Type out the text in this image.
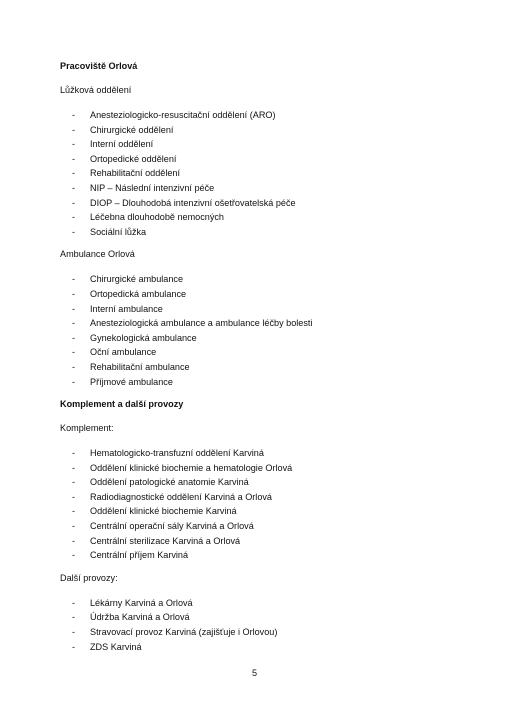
Pracoviště Orlová

Lůžková oddělení

- Anesteziologicko-resuscitační oddělení (ARO)
- Chirurgické oddělení
- Interní oddělení
- Ortopedické oddělení
- Rehabilitační oddělení
- NIP – Následní intenzivní péče
- DIOP – Dlouhodobá intenzivní ošetřovatelská péče
- Léčebna dlouhodobě nemocných
- Sociální lůžka

Ambulance Orlová

- Chirurgické ambulance
- Ortopedická ambulance
- Interní ambulance
- Anesteziologická ambulance a ambulance léčby bolesti
- Gynekologická ambulance
- Oční ambulance
- Rehabilitační ambulance
- Příjmové ambulance

Komplement a další provozy

Komplement:

- Hematologicko-transfuzní oddělení Karviná
- Oddělení klinické biochemie a hematologie Orlová
- Oddělení patologické anatomie Karviná
- Radiodiagnostické oddělení Karviná a Orlová
- Oddělení klinické biochemie Karviná
- Centrální operační sály Karviná a Orlová
- Centrální sterilizace Karviná a Orlová
- Centrální příjem Karviná

Další provozy:

- Lékárny Karviná a Orlová
- Údržba Karviná a Orlová
- Stravovací provoz Karviná (zajišťuje i Orlovou)
- ZDS Karviná
5
